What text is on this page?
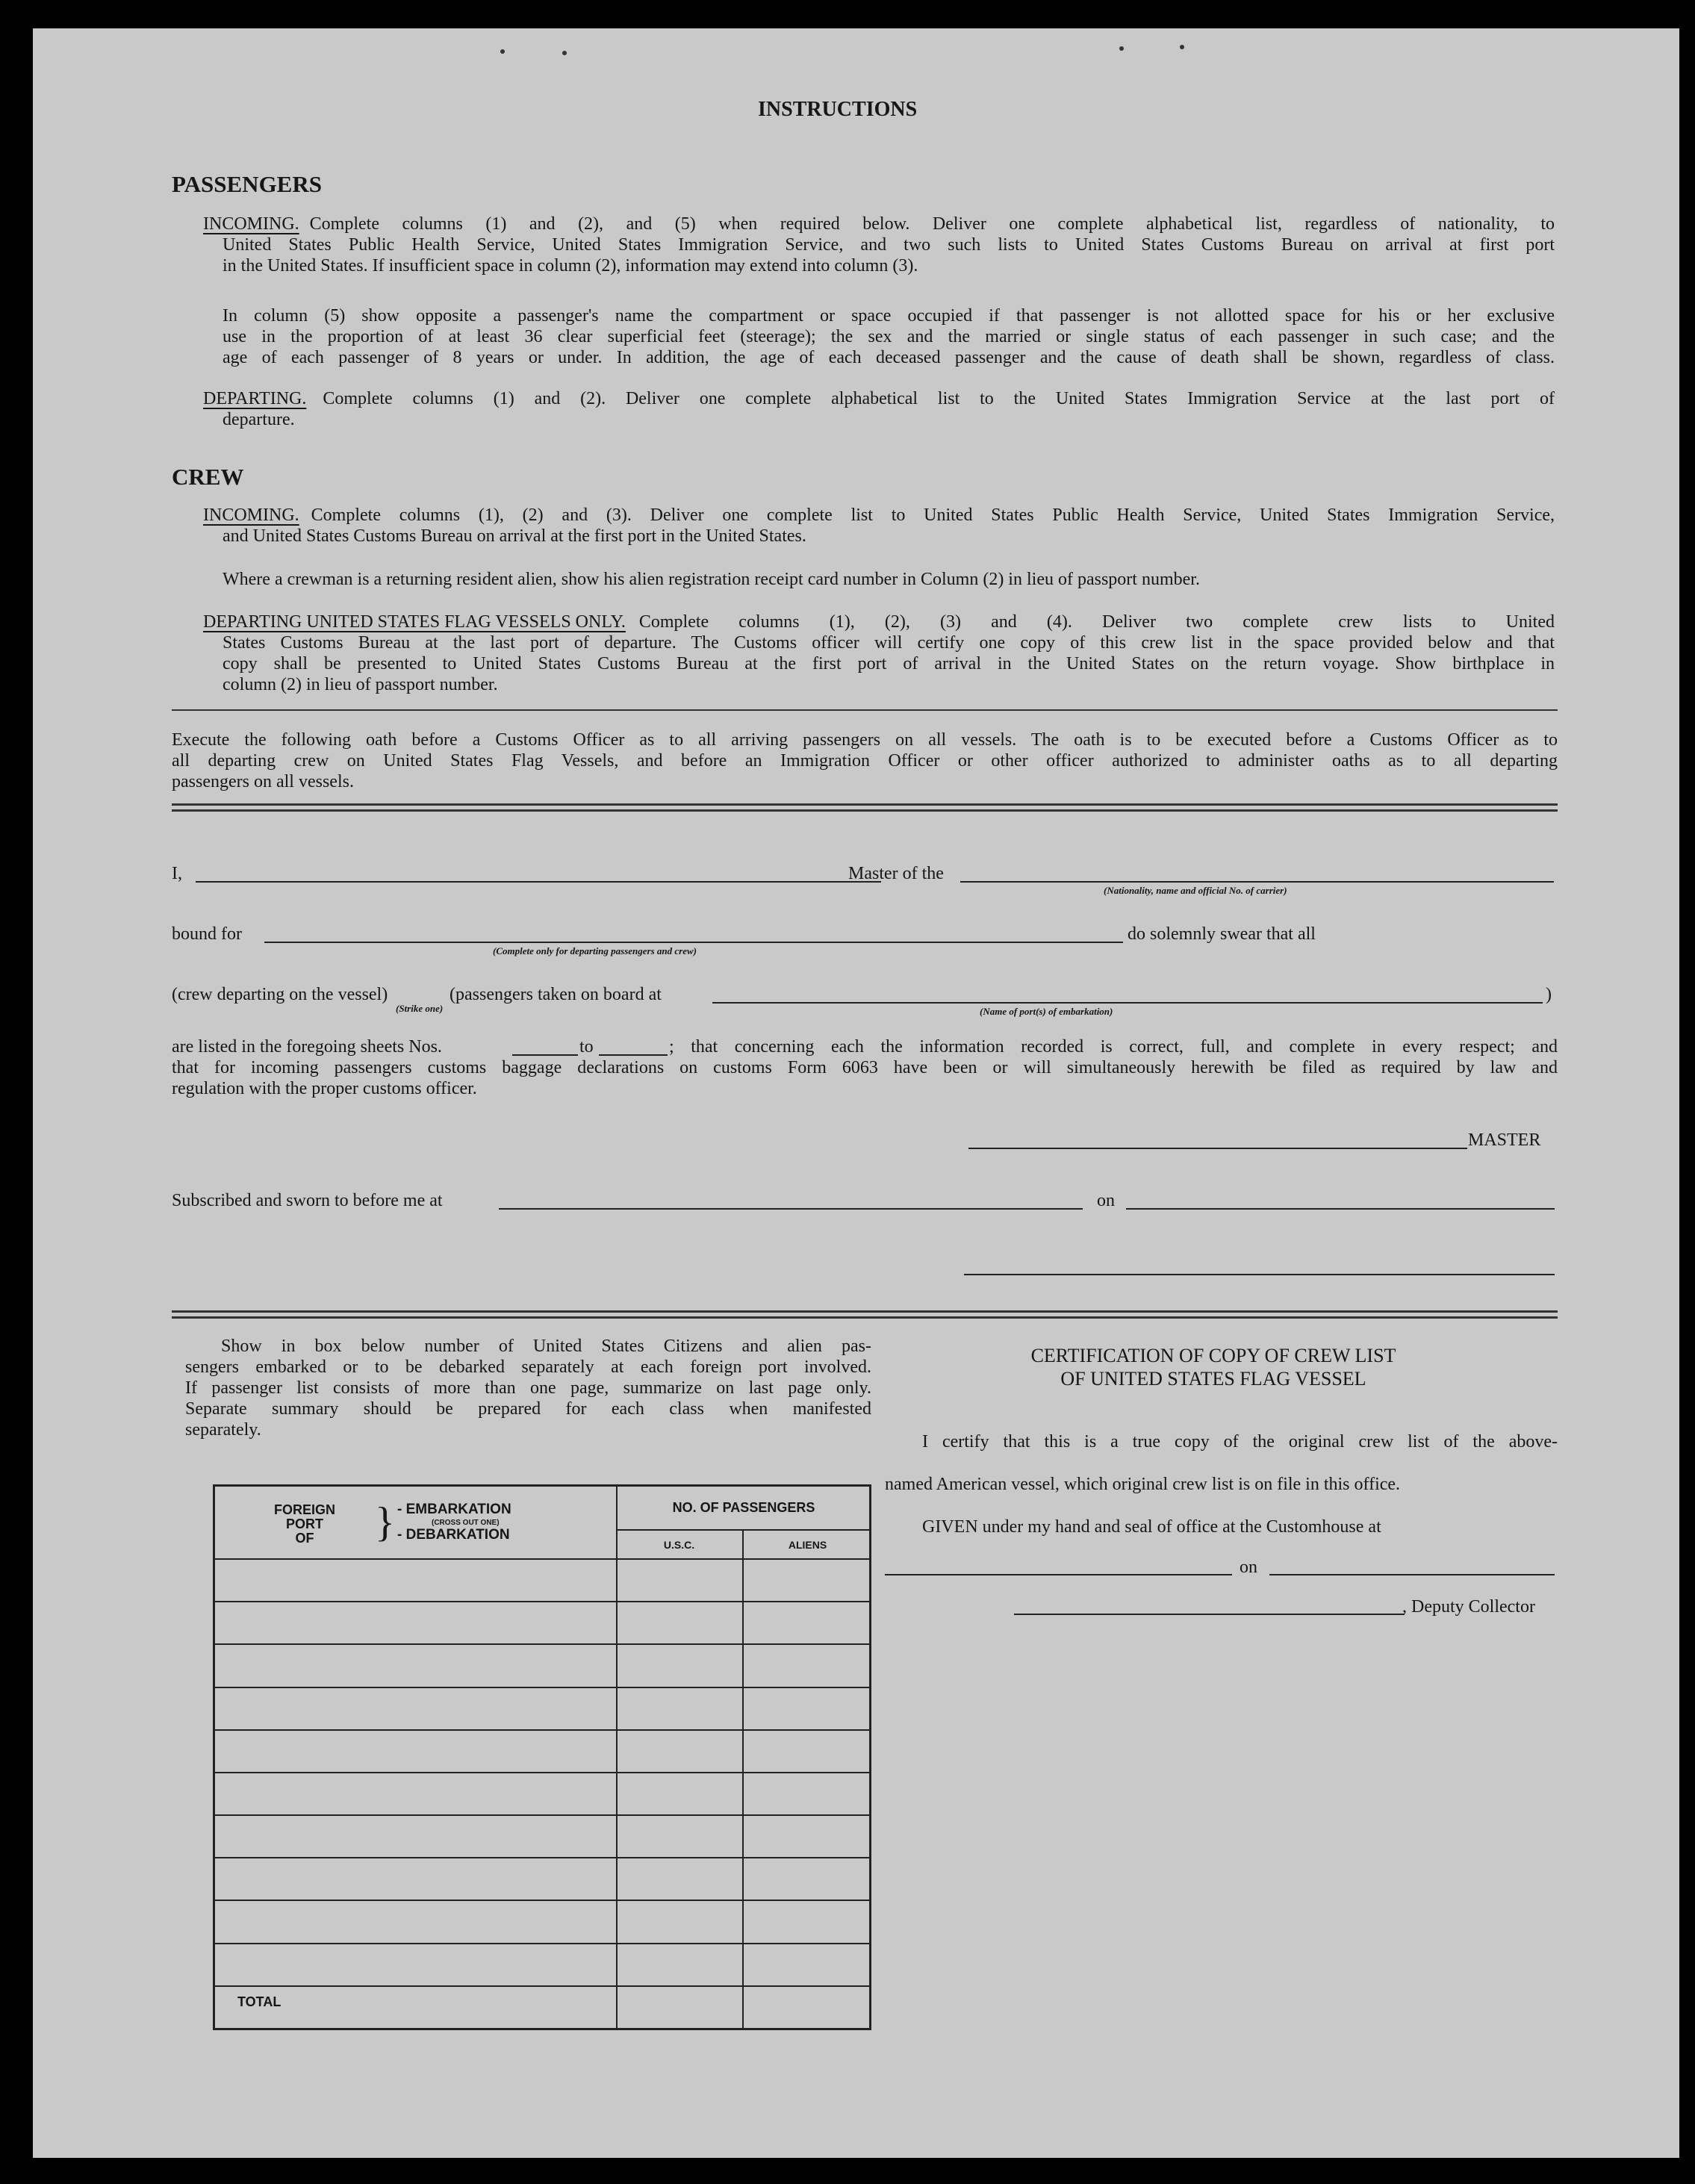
INSTRUCTIONS
PASSENGERS
INCOMING. Complete columns (1) and (2), and (5) when required below. Deliver one complete alphabetical list, regardless of nationality, to
United States Public Health Service, United States Immigration Service, and two such lists to United States Customs Bureau on arrival at first port
in the United States. If insufficient space in column (2), information may extend into column (3).
In column (5) show opposite a passenger's name the compartment or space occupied if that passenger is not allotted space for his or her exclusive
use in the proportion of at least 36 clear superficial feet (steerage); the sex and the married or single status of each passenger in such case; and the
age of each passenger of 8 years or under. In addition, the age of each deceased passenger and the cause of death shall be shown, regardless of class.
DEPARTING. Complete columns (1) and (2). Deliver one complete alphabetical list to the United States Immigration Service at the last port of
departure.
CREW
INCOMING. Complete columns (1), (2) and (3). Deliver one complete list to United States Public Health Service, United States Immigration Service,
and United States Customs Bureau on arrival at the first port in the United States.
Where a crewman is a returning resident alien, show his alien registration receipt card number in Column (2) in lieu of passport number.
DEPARTING UNITED STATES FLAG VESSELS ONLY. Complete columns (1), (2), (3) and (4). Deliver two complete crew lists to United
States Customs Bureau at the last port of departure. The Customs officer will certify one copy of this crew list in the space provided below and that
copy shall be presented to United States Customs Bureau at the first port of arrival in the United States on the return voyage. Show birthplace in
column (2) in lieu of passport number.
Execute the following oath before a Customs Officer as to all arriving passengers on all vessels. The oath is to be executed before a Customs Officer as to
all departing crew on United States Flag Vessels, and before an Immigration Officer or other officer authorized to administer oaths as to all departing
passengers on all vessels.
I,	Master of the
(Nationality, name and official No. of carrier)
bound for
(Complete only for departing passengers and crew)
do solemnly swear that all
(crew departing on the vessel)
(Strike one)
(passengers taken on board at
(Name of port(s) of embarkation)
)
are listed in the foregoing sheets Nos.	to	; that concerning each the information recorded is correct, full, and complete in every respect; and
that for incoming passengers customs baggage declarations on customs Form 6063 have been or will simultaneously herewith be filed as required by law and
regulation with the proper customs officer.
MASTER
Subscribed and sworn to before me at	on
Show in box below number of United States Citizens and alien pas-
sengers embarked or to be debarked separately at each foreign port involved.
If passenger list consists of more than one page, summarize on last page only.
Separate summary should be prepared for each class when manifested
separately.
FOREIGN
PORT
OF	} - EMBARKATION
(CROSS OUT ONE)
- DEBARKATION
NO. OF PASSENGERS
U.S.C.	ALIENS
TOTAL
CERTIFICATION OF COPY OF CREW LIST
OF UNITED STATES FLAG VESSEL
I certify that this is a true copy of the original crew list of the above-
named American vessel, which original crew list is on file in this office.
GIVEN under my hand and seal of office at the Customhouse at
on
, Deputy Collector
